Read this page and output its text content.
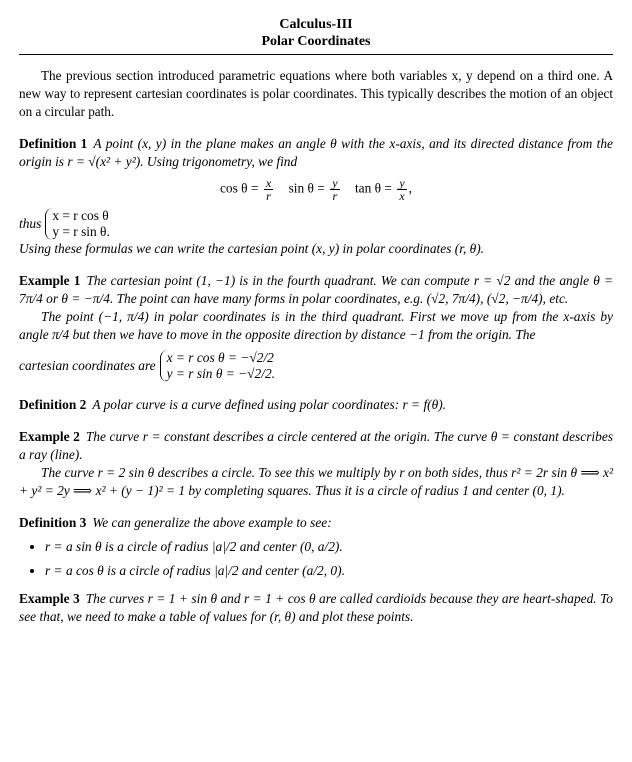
Calculus-III
Polar Coordinates

The previous section introduced parametric equations where both variables x, y depend on a third one. A new way to represent cartesian coordinates is polar coordinates. This typically describes the motion of an object on a circular path.

Definition 1 A point (x, y) in the plane makes an angle θ with the x-axis, and its directed distance from the origin is r = √(x² + y²). Using trigonometry, we find

$\cos \theta = \frac{x}{r}$ $\sin \theta = \frac{y}{r}$ $\tan \theta = \frac{y}{x}$ ,
thus
x = r cos θ
y = r sin θ.

Using these formulas we can write the cartesian point (x, y) in polar coordinates (r, θ).

Example 1 The cartesian point (1, −1) is in the fourth quadrant. We can compute r = √2 and the angle θ = 7π/4 or θ = −π/4. The point can have many forms in polar coordinates, e.g. (√2, 7π/4), (√2, −π/4), etc.

The point (−1, π/4) in polar coordinates is in the third quadrant. First we move up from the x-axis by angle π/4 but then we have to move in the opposite direction by distance −1 from the origin. The

cartesian coordinates are
x = r cos θ = −√2/2
y = r sin θ = −√2/2.

Definition 2 A polar curve is a curve defined using polar coordinates: r = f(θ).

Example 2 The curve r = constant describes a circle centered at the origin. The curve θ = constant describes a ray (line).

The curve r = 2 sin θ describes a circle. To see this we multiply by r on both sides, thus r² = 2r sin θ ⟹ x² + y² = 2y ⟹ x² + (y − 1)² = 1 by completing squares. Thus it is a circle of radius 1 and center (0, 1).

Definition 3 We can generalize the above example to see:

• r = a sin θ is a circle of radius |a|/2 and center (0, a/2).
• r = a cos θ is a circle of radius |a|/2 and center (a/2, 0).

Example 3 The curves r = 1 + sin θ and r = 1 + cos θ are called cardioids because they are heart-shaped. To see that, we need to make a table of values for (r, θ) and plot these points.
